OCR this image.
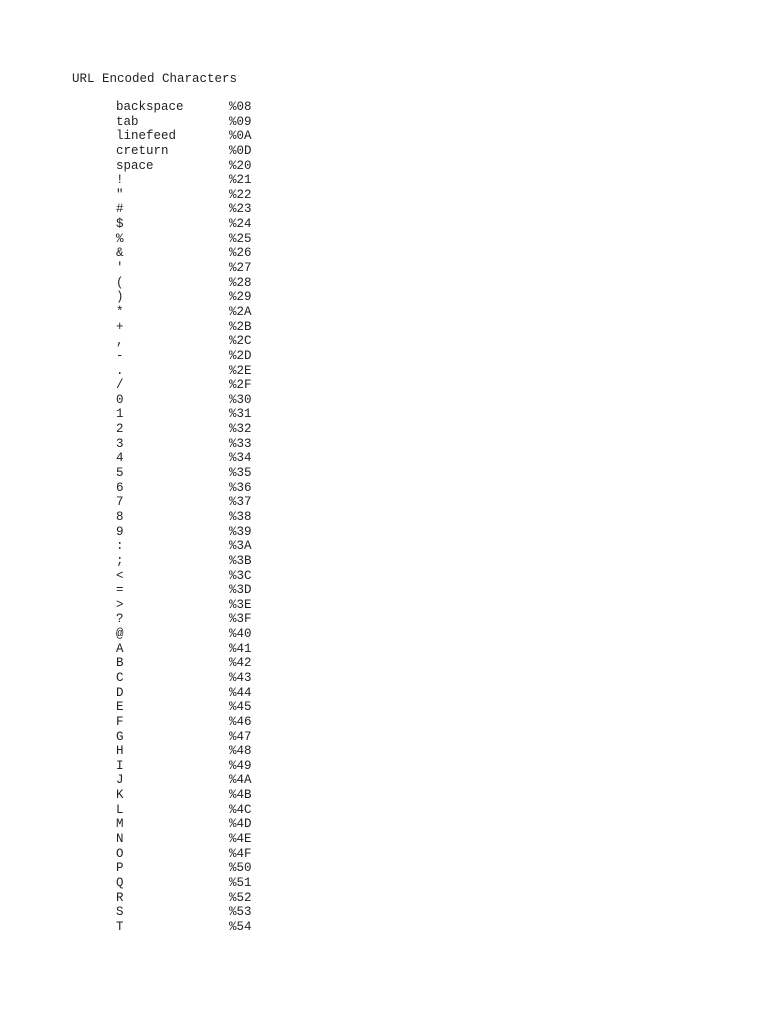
URL Encoded Characters
backspace	%08
tab	%09
linefeed	%0A
creturn	%0D
space	%20
!	%21
"	%22
#	%23
$	%24
%	%25
&	%26
'	%27
(	%28
)	%29
*	%2A
+	%2B
,	%2C
-	%2D
.	%2E
/	%2F
0	%30
1	%31
2	%32
3	%33
4	%34
5	%35
6	%36
7	%37
8	%38
9	%39
:	%3A
;	%3B
<	%3C
=	%3D
>	%3E
?	%3F
@	%40
A	%41
B	%42
C	%43
D	%44
E	%45
F	%46
G	%47
H	%48
I	%49
J	%4A
K	%4B
L	%4C
M	%4D
N	%4E
O	%4F
P	%50
Q	%51
R	%52
S	%53
T	%54
